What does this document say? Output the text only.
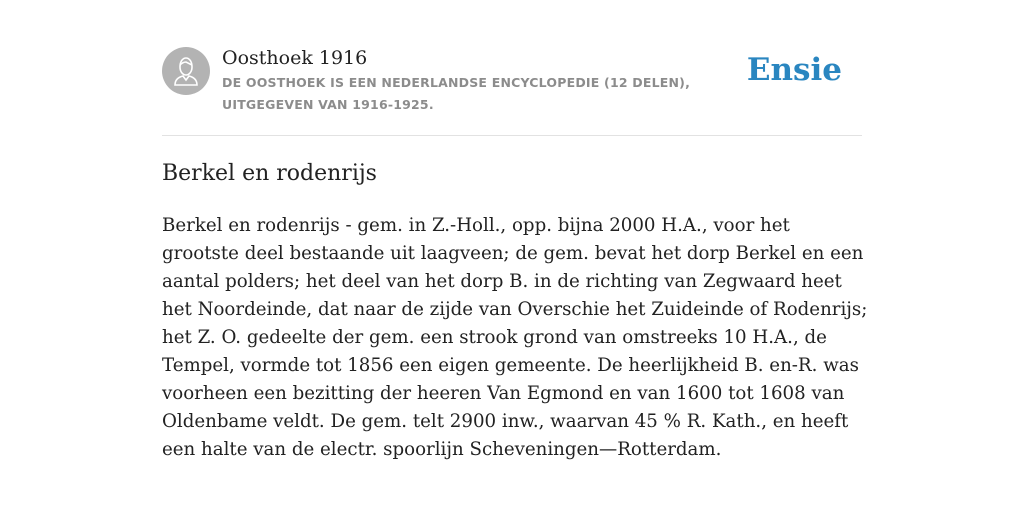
Oosthoek 1916
DE OOSTHOEK IS EEN NEDERLANDSE ENCYCLOPEDIE (12 DELEN), UITGEGEVEN VAN 1916-1925.
Ensie
Berkel en rodenrijs

Berkel en rodenrijs - gem. in Z.-Holl., opp. bijna 2000 H.A., voor het grootste deel bestaande uit laagveen; de gem. bevat het dorp Berkel en een aantal polders; het deel van het dorp B. in de richting van Zegwaard heet het Noordeinde, dat naar de zijde van Overschie het Zuideinde of Rodenrijs; het Z. O. gedeelte der gem. een strook grond van omstreeks 10 H.A., de Tempel, vormde tot 1856 een eigen gemeente. De heerlijkheid B. en-R. was voorheen een bezitting der heeren Van Egmond en van 1600 tot 1608 van Oldenbame veldt. De gem. telt 2900 inw., waarvan 45 % R. Kath., en heeft een halte van de electr. spoorlijn Scheveningen—Rotterdam.
